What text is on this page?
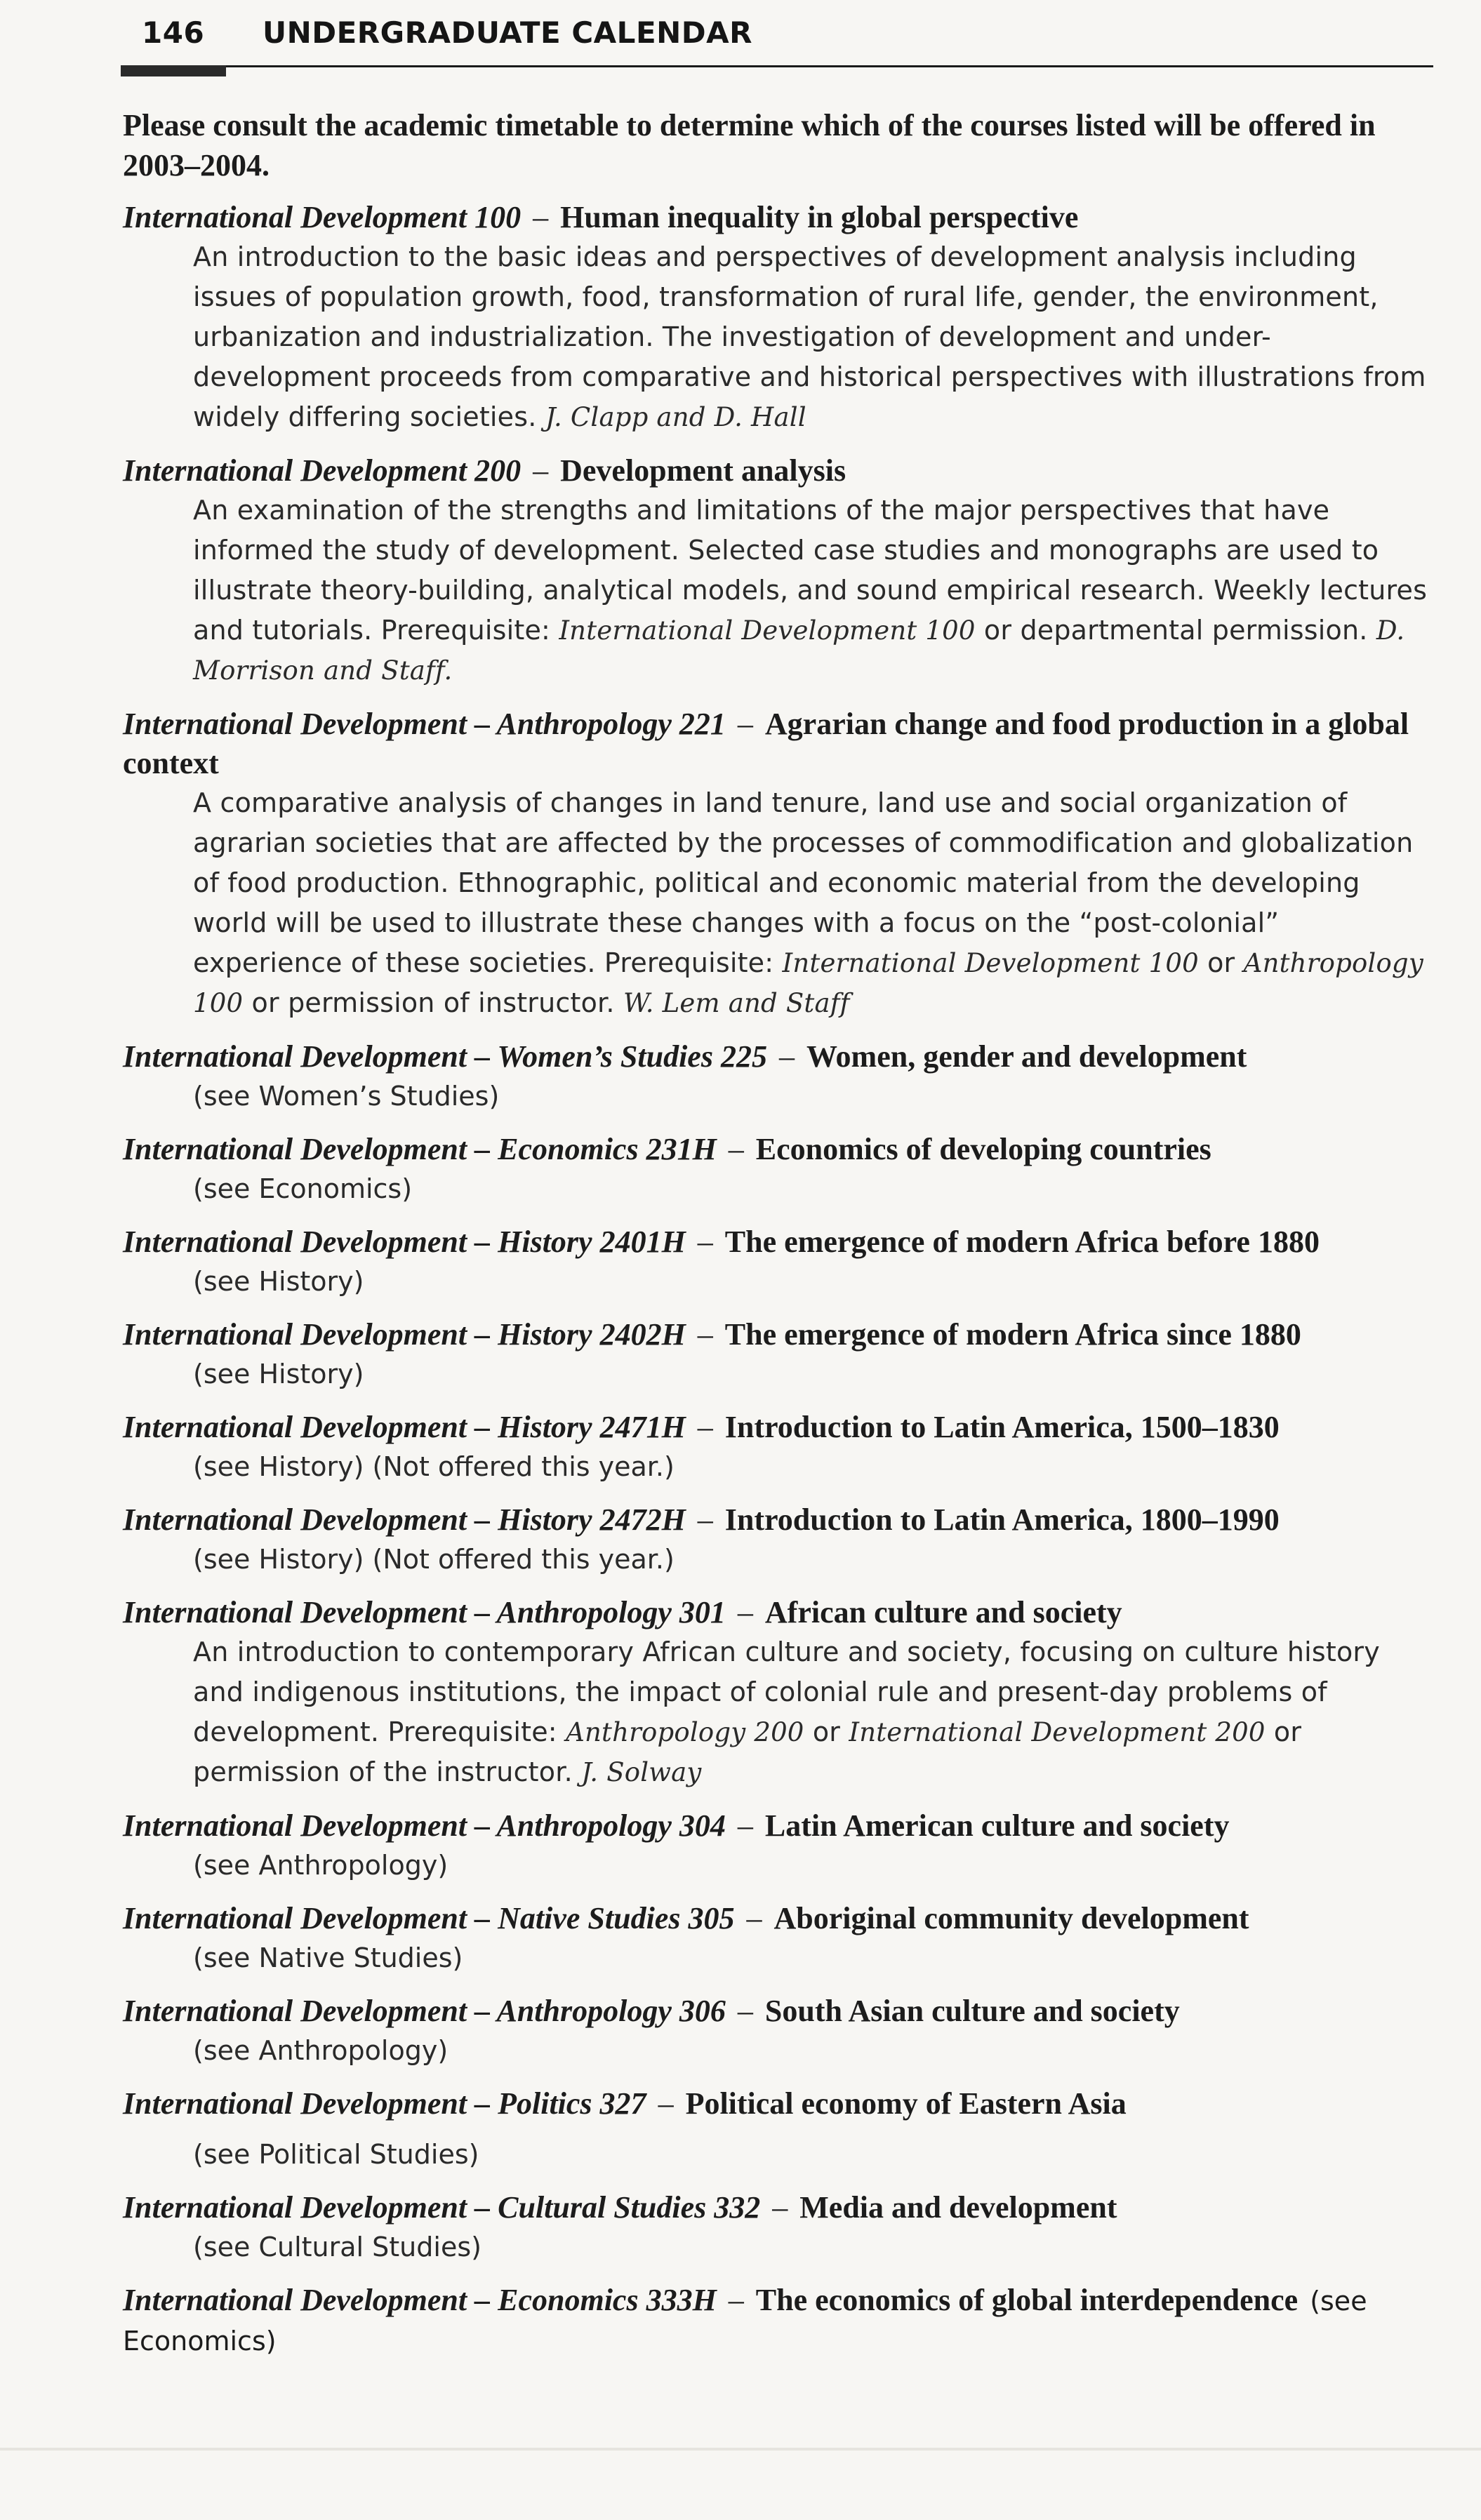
146 UNDERGRADUATE CALENDAR

Please consult the academic timetable to determine which of the courses listed will be offered in 2003–2004.

International Development 100 – Human inequality in global perspective

An introduction to the basic ideas and perspectives of development analysis including issues of population growth, food, transformation of rural life, gender, the environment, urbanization and industrialization. The investigation of development and under-development proceeds from comparative and historical perspectives with illustrations from widely differing societies. J. Clapp and D. Hall

International Development 200 – Development analysis

An examination of the strengths and limitations of the major perspectives that have informed the study of development. Selected case studies and monographs are used to illustrate theory-building, analytical models, and sound empirical research. Weekly lectures and tutorials. Prerequisite: International Development 100 or departmental permission. D. Morrison and Staff.

International Development – Anthropology 221 – Agrarian change and food production in a global context

A comparative analysis of changes in land tenure, land use and social organization of agrarian societies that are affected by the processes of commodification and globalization of food production. Ethnographic, political and economic material from the developing world will be used to illustrate these changes with a focus on the “post-colonial” experience of these societies. Prerequisite: International Development 100 or Anthropology 100 or permission of instructor. W. Lem and Staff

International Development – Women’s Studies 225 – Women, gender and development

(see Women’s Studies)

International Development – Economics 231H – Economics of developing countries

(see Economics)

International Development – History 2401H – The emergence of modern Africa before 1880

(see History)

International Development – History 2402H – The emergence of modern Africa since 1880

(see History)

International Development – History 2471H – Introduction to Latin America, 1500–1830

(see History) (Not offered this year.)

International Development – History 2472H – Introduction to Latin America, 1800–1990

(see History) (Not offered this year.)

International Development – Anthropology 301 – African culture and society

An introduction to contemporary African culture and society, focusing on culture history and indigenous institutions, the impact of colonial rule and present-day problems of development. Prerequisite: Anthropology 200 or International Development 200 or permission of the instructor. J. Solway

International Development – Anthropology 304 – Latin American culture and society

(see Anthropology)

International Development – Native Studies 305 – Aboriginal community development

(see Native Studies)

International Development – Anthropology 306 – South Asian culture and society

(see Anthropology)

International Development – Politics 327 – Political economy of Eastern Asia

(see Political Studies)

International Development – Cultural Studies 332 – Media and development

(see Cultural Studies)

International Development – Economics 333H – The economics of global interdependence (see Economics)
